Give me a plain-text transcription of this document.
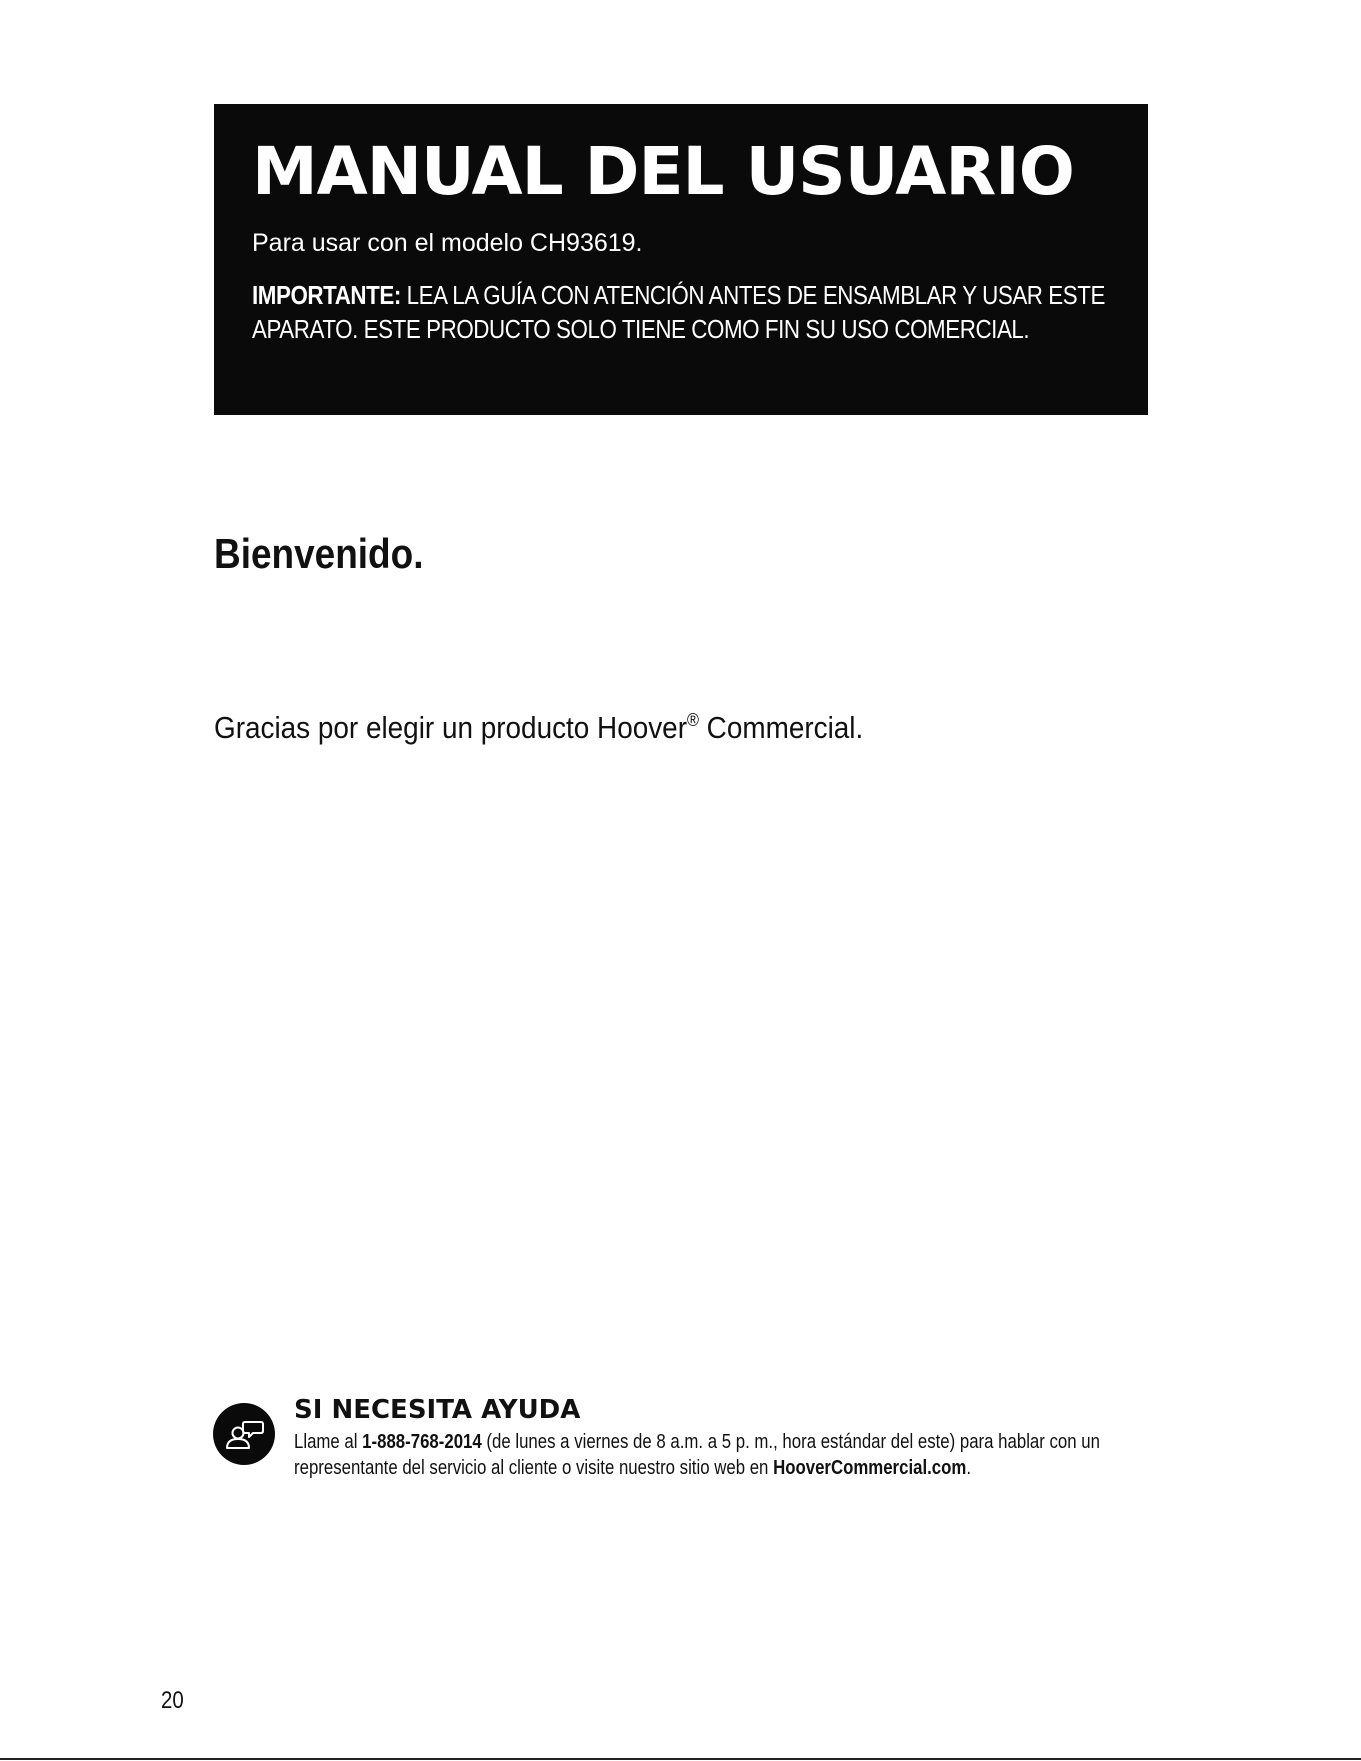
MANUAL DEL USUARIO

Para usar con el modelo CH93619.

IMPORTANTE: LEA LA GUÍA CON ATENCIÓN ANTES DE ENSAMBLAR Y USAR ESTE APARATO. ESTE PRODUCTO SOLO TIENE COMO FIN SU USO COMERCIAL.

Bienvenido.

Gracias por elegir un producto Hoover® Commercial.

SI NECESITA AYUDA

Llame al 1-888-768-2014 (de lunes a viernes de 8 a.m. a 5 p. m., hora estándar del este) para hablar con un representante del servicio al cliente o visite nuestro sitio web en HooverCommercial.com.

20
